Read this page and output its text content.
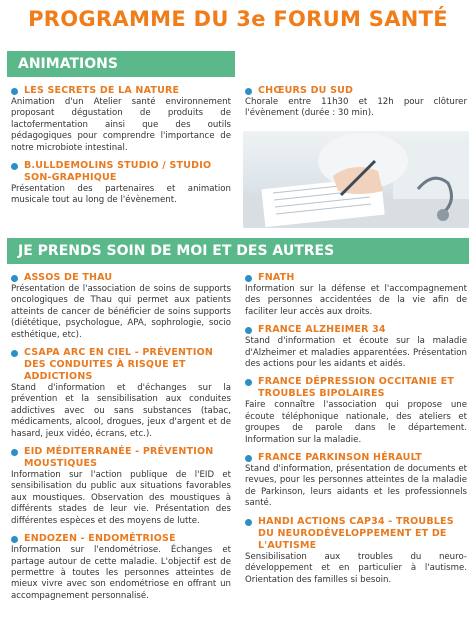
PROGRAMME DU 3e FORUM SANTÉ
ANIMATIONS
LES SECRETS DE LA NATURE
Animation d'un Atelier santé environnement proposant dégustation de produits de lactofermentation ainsi que des outils pédagogiques pour comprendre l'importance de notre microbiote intestinal.
B.ULLDEMOLINS STUDIO / STUDIO SON-GRAPHIQUE
Présentation des partenaires et animation musicale tout au long de l'évènement.
CHŒURS DU SUD
Chorale entre 11h30 et 12h pour clôturer l'évènement (durée : 30 min).
JE PRENDS SOIN DE MOI ET DES AUTRES
ASSOS DE THAU
Présentation de l'association de soins de supports oncologiques de Thau qui permet aux patients atteints de cancer de bénéficier de soins supports (diététique, psychologue, APA, sophrologie, socio esthétique, etc).
CSAPA ARC EN CIEL - PRÉVENTION DES CONDUITES À RISQUE ET ADDICTIONS
Stand d'information et d'échanges sur la prévention et la sensibilisation aux conduites addictives avec ou sans substances (tabac, médicaments, alcool, drogues, jeux d'argent et de hasard, jeux vidéo, écrans, etc.).
EID MÉDITERRANÉE - PRÉVENTION MOUSTIQUES
Information sur l'action publique de l'EID et sensibilisation du public aux situations favorables aux moustiques. Observation des moustiques à différents stades de leur vie. Présentation des différentes espèces et des moyens de lutte.
ENDOZEN - ENDOMÉTRIOSE
Information sur l'endométriose. Échanges et partage autour de cette maladie. L'objectif est de permettre à toutes les personnes atteintes de mieux vivre avec son endométriose en offrant un accompagnement personnalisé.
FNATH
Information sur la défense et l'accompagnement des personnes accidentées de la vie afin de faciliter leur accès aux droits.
FRANCE ALZHEIMER 34
Stand d'information et écoute sur la maladie d'Alzheimer et maladies apparentées. Présentation des actions pour les aidants et aidés.
FRANCE DÉPRESSION OCCITANIE ET TROUBLES BIPOLAIRES
Faire connaître l'association qui propose une écoute téléphonique nationale, des ateliers et groupes de parole dans le département. Information sur la maladie.
FRANCE PARKINSON HÉRAULT
Stand d'information, présentation de documents et revues, pour les personnes atteintes de la maladie de Parkinson, leurs aidants et les professionnels santé.
HANDI ACTIONS CAP34 - TROUBLES DU NEURODÉVELOPPEMENT ET DE L'AUTISME
Sensibilisation aux troubles du neuro-développement et en particulier à l'autisme. Orientation des familles si besoin.
